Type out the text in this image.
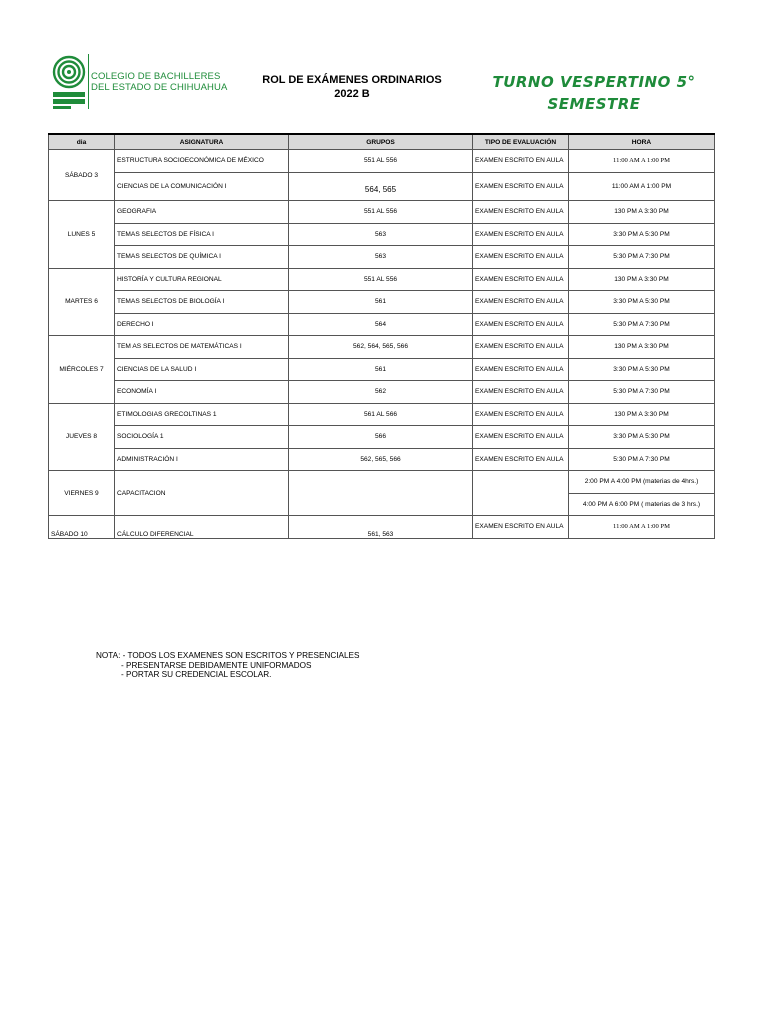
COLEGIO DE BACHILLERES
DEL ESTADO DE CHIHUAHUA
ROL DE EXÁMENES ORDINARIOS
2022 B
TURNO VESPERTINO 5°
SEMESTRE
dia	ASIGNATURA	GRUPOS	TIPO DE EVALUACIÓN	HORA
SÁBADO 3	ESTRUCTURA SOCIOECONÓMICA DE MÉXICO	551 AL 556	EXAMEN ESCRITO EN AULA	11:00 AM A 1:00 PM
	CIENCIAS DE LA COMUNICACIÓN I	564, 565	EXAMEN ESCRITO EN AULA	11:00 AM A 1:00 PM
LUNES 5	GEOGRAFIA	551 AL 556	EXAMEN ESCRITO EN AULA	130 PM A 3:30 PM
	TEMAS SELECTOS DE FÍSICA I	563	EXAMEN ESCRITO EN AULA	3:30 PM A 5:30 PM
	TEMAS SELECTOS DE QUÍMICA I	563	EXAMEN ESCRITO EN AULA	5:30 PM A 7:30 PM
MARTES 6	HISTORÍA Y CULTURA REGIONAL	551 AL 556	EXAMEN ESCRITO EN AULA	130 PM A 3:30 PM
	TEMAS SELECTOS DE BIOLOGÍA I	561	EXAMEN ESCRITO EN AULA	3:30 PM A 5:30 PM
	DERECHO I	564	EXAMEN ESCRITO EN AULA	5:30 PM A 7:30 PM
MIÉRCOLES 7	TEM AS SELECTOS DE MATEMÁTICAS I	562, 564, 565, 566	EXAMEN ESCRITO EN AULA	130 PM A 3:30 PM
	CIENCIAS DE LA SALUD I	561	EXAMEN ESCRITO EN AULA	3:30 PM A 5:30 PM
	ECONOMÍA I	562	EXAMEN ESCRITO EN AULA	5:30 PM A 7:30 PM
JUEVES 8	ETIMOLOGIAS GRECOLTINAS 1	561 AL 566	EXAMEN ESCRITO EN AULA	130 PM A 3:30 PM
	SOCIOLOGÍA 1	566	EXAMEN ESCRITO EN AULA	3:30 PM A 5:30 PM
	ADMINISTRACIÓN I	562, 565, 566	EXAMEN ESCRITO EN AULA	5:30 PM A 7:30 PM
VIERNES 9	CAPACITACION			2:00 PM A 4:00 PM (materias de 4hrs.)
				4:00 PM A 6:00 PM ( materias de 3 hrs.)
SÁBADO 10	CÁLCULO DIFERENCIAL	561, 563	EXAMEN ESCRITO EN AULA	11:00 AM A 1:00 PM
NOTA: - TODOS LOS EXAMENES SON ESCRITOS Y PRESENCIALES
- PRESENTARSE DEBIDAMENTE UNIFORMADOS
- PORTAR SU CREDENCIAL ESCOLAR.
